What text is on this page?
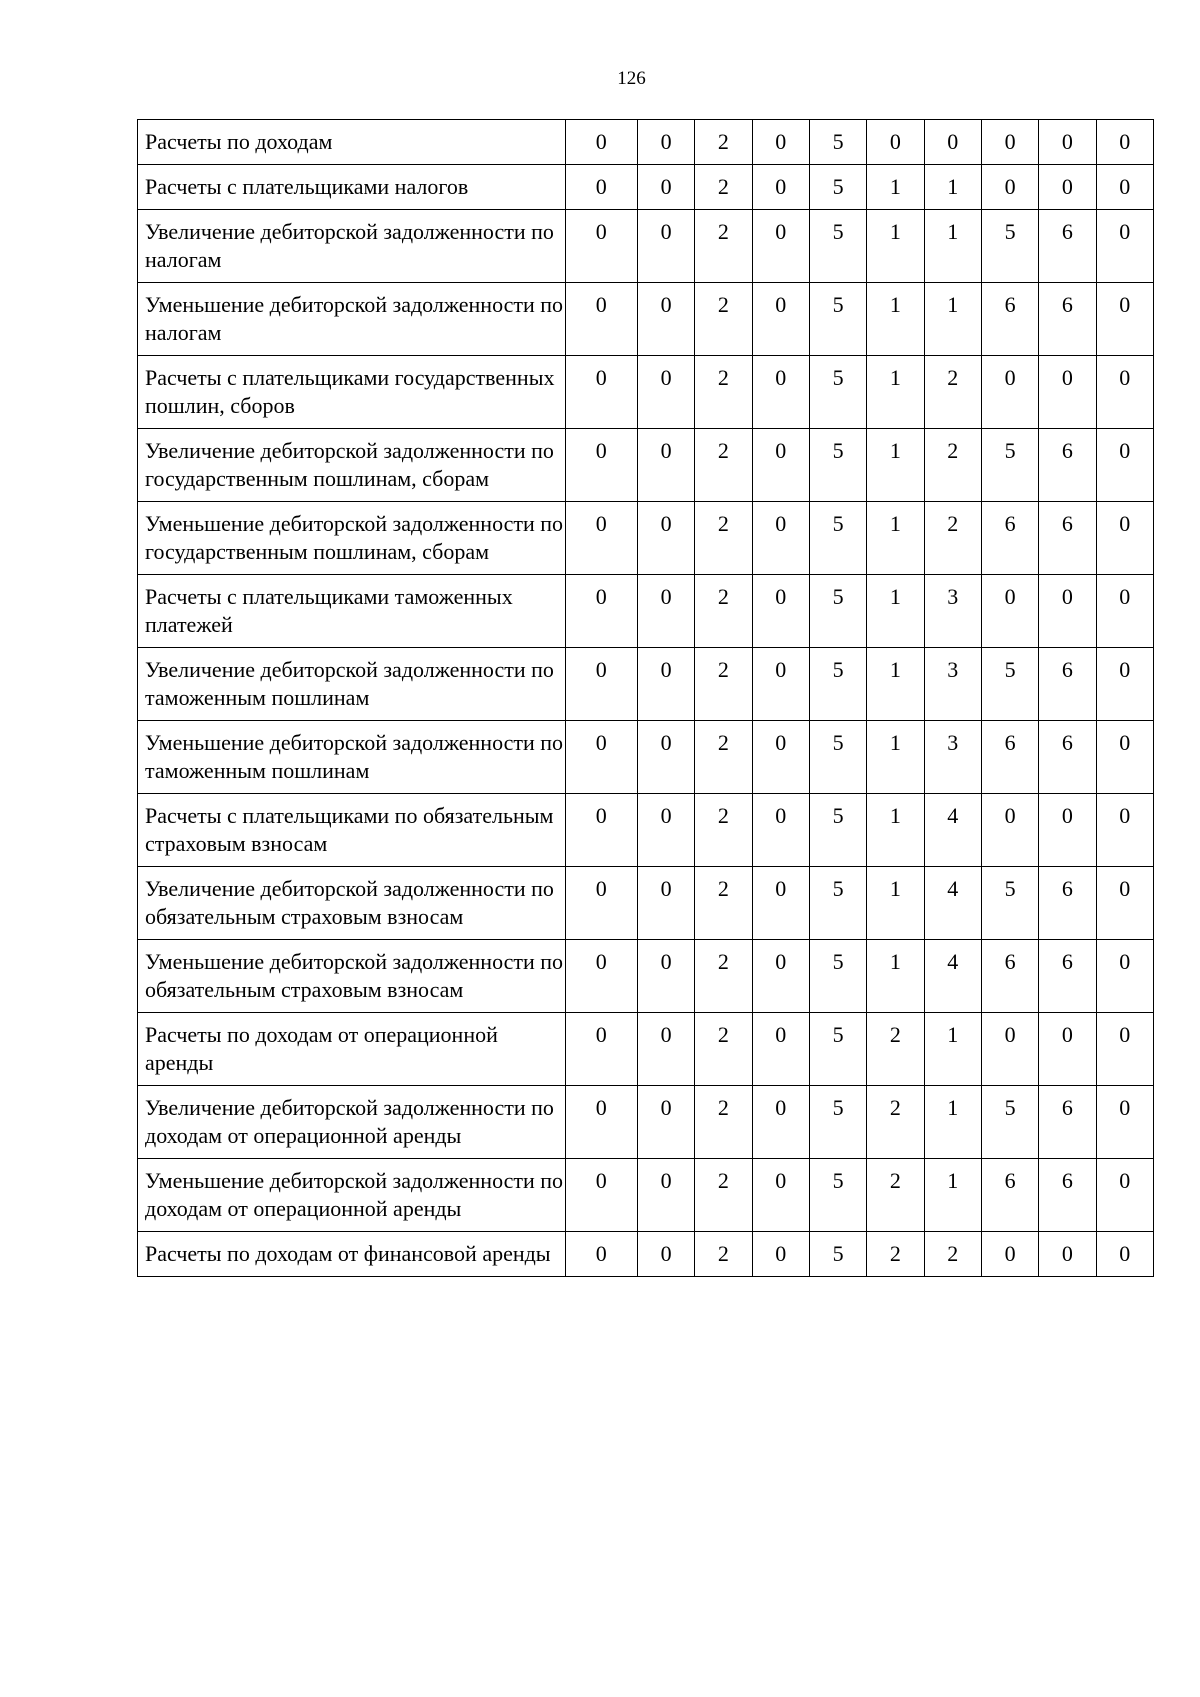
126
Расчеты по доходам	0	0	2	0	5	0	0	0	0	0
Расчеты с плательщиками налогов	0	0	2	0	5	1	1	0	0	0
Увеличение дебиторской задолженности по налогам	0	0	2	0	5	1	1	5	6	0
Уменьшение дебиторской задолженности по налогам	0	0	2	0	5	1	1	6	6	0
Расчеты с плательщиками государственных пошлин, сборов	0	0	2	0	5	1	2	0	0	0
Увеличение дебиторской задолженности по государственным пошлинам, сборам	0	0	2	0	5	1	2	5	6	0
Уменьшение дебиторской задолженности по государственным пошлинам, сборам	0	0	2	0	5	1	2	6	6	0
Расчеты с плательщиками таможенных платежей	0	0	2	0	5	1	3	0	0	0
Увеличение дебиторской задолженности по таможенным пошлинам	0	0	2	0	5	1	3	5	6	0
Уменьшение дебиторской задолженности по таможенным пошлинам	0	0	2	0	5	1	3	6	6	0
Расчеты с плательщиками по обязательным страховым взносам	0	0	2	0	5	1	4	0	0	0
Увеличение дебиторской задолженности по обязательным страховым взносам	0	0	2	0	5	1	4	5	6	0
Уменьшение дебиторской задолженности по обязательным страховым взносам	0	0	2	0	5	1	4	6	6	0
Расчеты по доходам от операционной аренды	0	0	2	0	5	2	1	0	0	0
Увеличение дебиторской задолженности по доходам от операционной аренды	0	0	2	0	5	2	1	5	6	0
Уменьшение дебиторской задолженности по доходам от операционной аренды	0	0	2	0	5	2	1	6	6	0
Расчеты по доходам от финансовой аренды	0	0	2	0	5	2	2	0	0	0
